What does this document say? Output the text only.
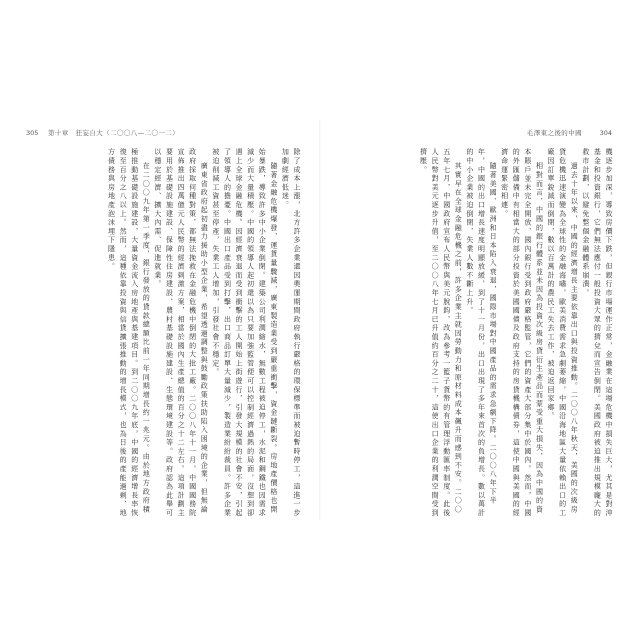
305 第十章　狂妄自大（二〇〇八—二〇一二）

除了成本上漲，北方許多企業還因奧運期間政府執行嚴格的環保標準而被迫暫時停工，這進一步加劇經濟低迷。

隨著金融危機爆發，運貨量驟減，廣東製造業受到嚴重衝擊，資金鏈斷裂。房地產價格也開始暴跌，導致許多中小企業倒閉。建築公司利潤縮水，無數工程被迫停工，水泥和鋼鐵也因需求減少而大量積壓。中國的領導人起初還以為只要加強監管便可以控制經濟過熱的局面，沒想到卻遇上全球金融危機。因經濟衰退而受到衝擊的工人開始上街遊行，引發大規模的社會不安，引起了領導人的擔憂。中國出口產品受到打擊，出口商品訂單大量減少，製造業紛紛裁員。許多企業被迫削減工資甚至停產，失業工人增加，引發社會不穩定。

廣東省政府起初盡力援助小型企業，希望透過調整與鼓勵政策扶助陷入困境的企業，但無論政府採取何種對策，都無法挽救在金融危機中倒閉的大批工廠。二〇〇八年十一月，中國國務院宣佈推出四萬億元人民幣的經濟刺激方案，相當於國內生產總值的百分之十二左右。這項計劃主要用於基礎設施建設、保障性住房建設、農村基礎設施建設、生態環境建設等。政府認為此舉可以穩定經濟、擴大內需、促進就業。

在二〇〇九年第一季度，銀行發放的貸款總額比前一年同期增長約一兆元。由於地方政府積極推動基礎設施建設，大量資金流入房地產與基建項目。到二〇〇九年底，中國的經濟增長率恢復至百分之八以上。然而，這種依靠投資與信貸擴張推動的增長模式，也為日後的產能過剩、地方債務與房地產泡沫埋下隱患。

毛澤東之後的中國	304

機逐步加深，導致房價下跌，但銀行市場運作正常，金融業在這場危機中損失巨大，尤其是對沖基金和投資銀行，它們無法應付一般投資大眾的擠兌而宣告倒閉。美國政府被迫推出規模龐大的救市計劃，以避免整個金融體系崩潰。

過去十年以來，中國的經濟增長主要依靠出口與投資推動。二〇〇八年秋天，美國的次級房貸危機迅速演變為全球性的金融海嘯，歐美消費需求急劇萎縮，中國沿海地區大量依賴出口的工廠因訂單銳減而倒閉，數以百萬計的農民工失去工作，被迫返回家鄉。

相對而言，中國的銀行體系並未因為投資次級房貸衍生產品而蒙受重大損失，因為中國的資本賬戶並未完全開放，國內銀行受到政府嚴格監管，它們的資產大部分集中於國內。然而，中國的外匯儲備中有相當大的部分投資於美國國債及政府支持的房貸機構債券，這使中國與美國的經濟命運緊密相連。

隨著美國、歐洲和日本陷入衰退，國際市場對中國產品的需求急劇下降。二〇〇八年下半年，中國的出口增長速度明顯放緩，到了十一月份，出口出現了多年來首次的負增長。數以萬計的中小企業被迫倒閉，失業人數不斷上升。

其實早在全球金融危機之前，許多企業主就因勞動力和原材料成本飆升而感到不安。二〇〇五年七月，中國政府宣布人民幣與美元脫鈎，改為參考一籃子貨幣的有管理浮動匯率制度。此後人民幣對美元逐步升值，至二〇〇八年七月已升值約百分之二十，這使出口企業的利潤空間受到擠壓。
